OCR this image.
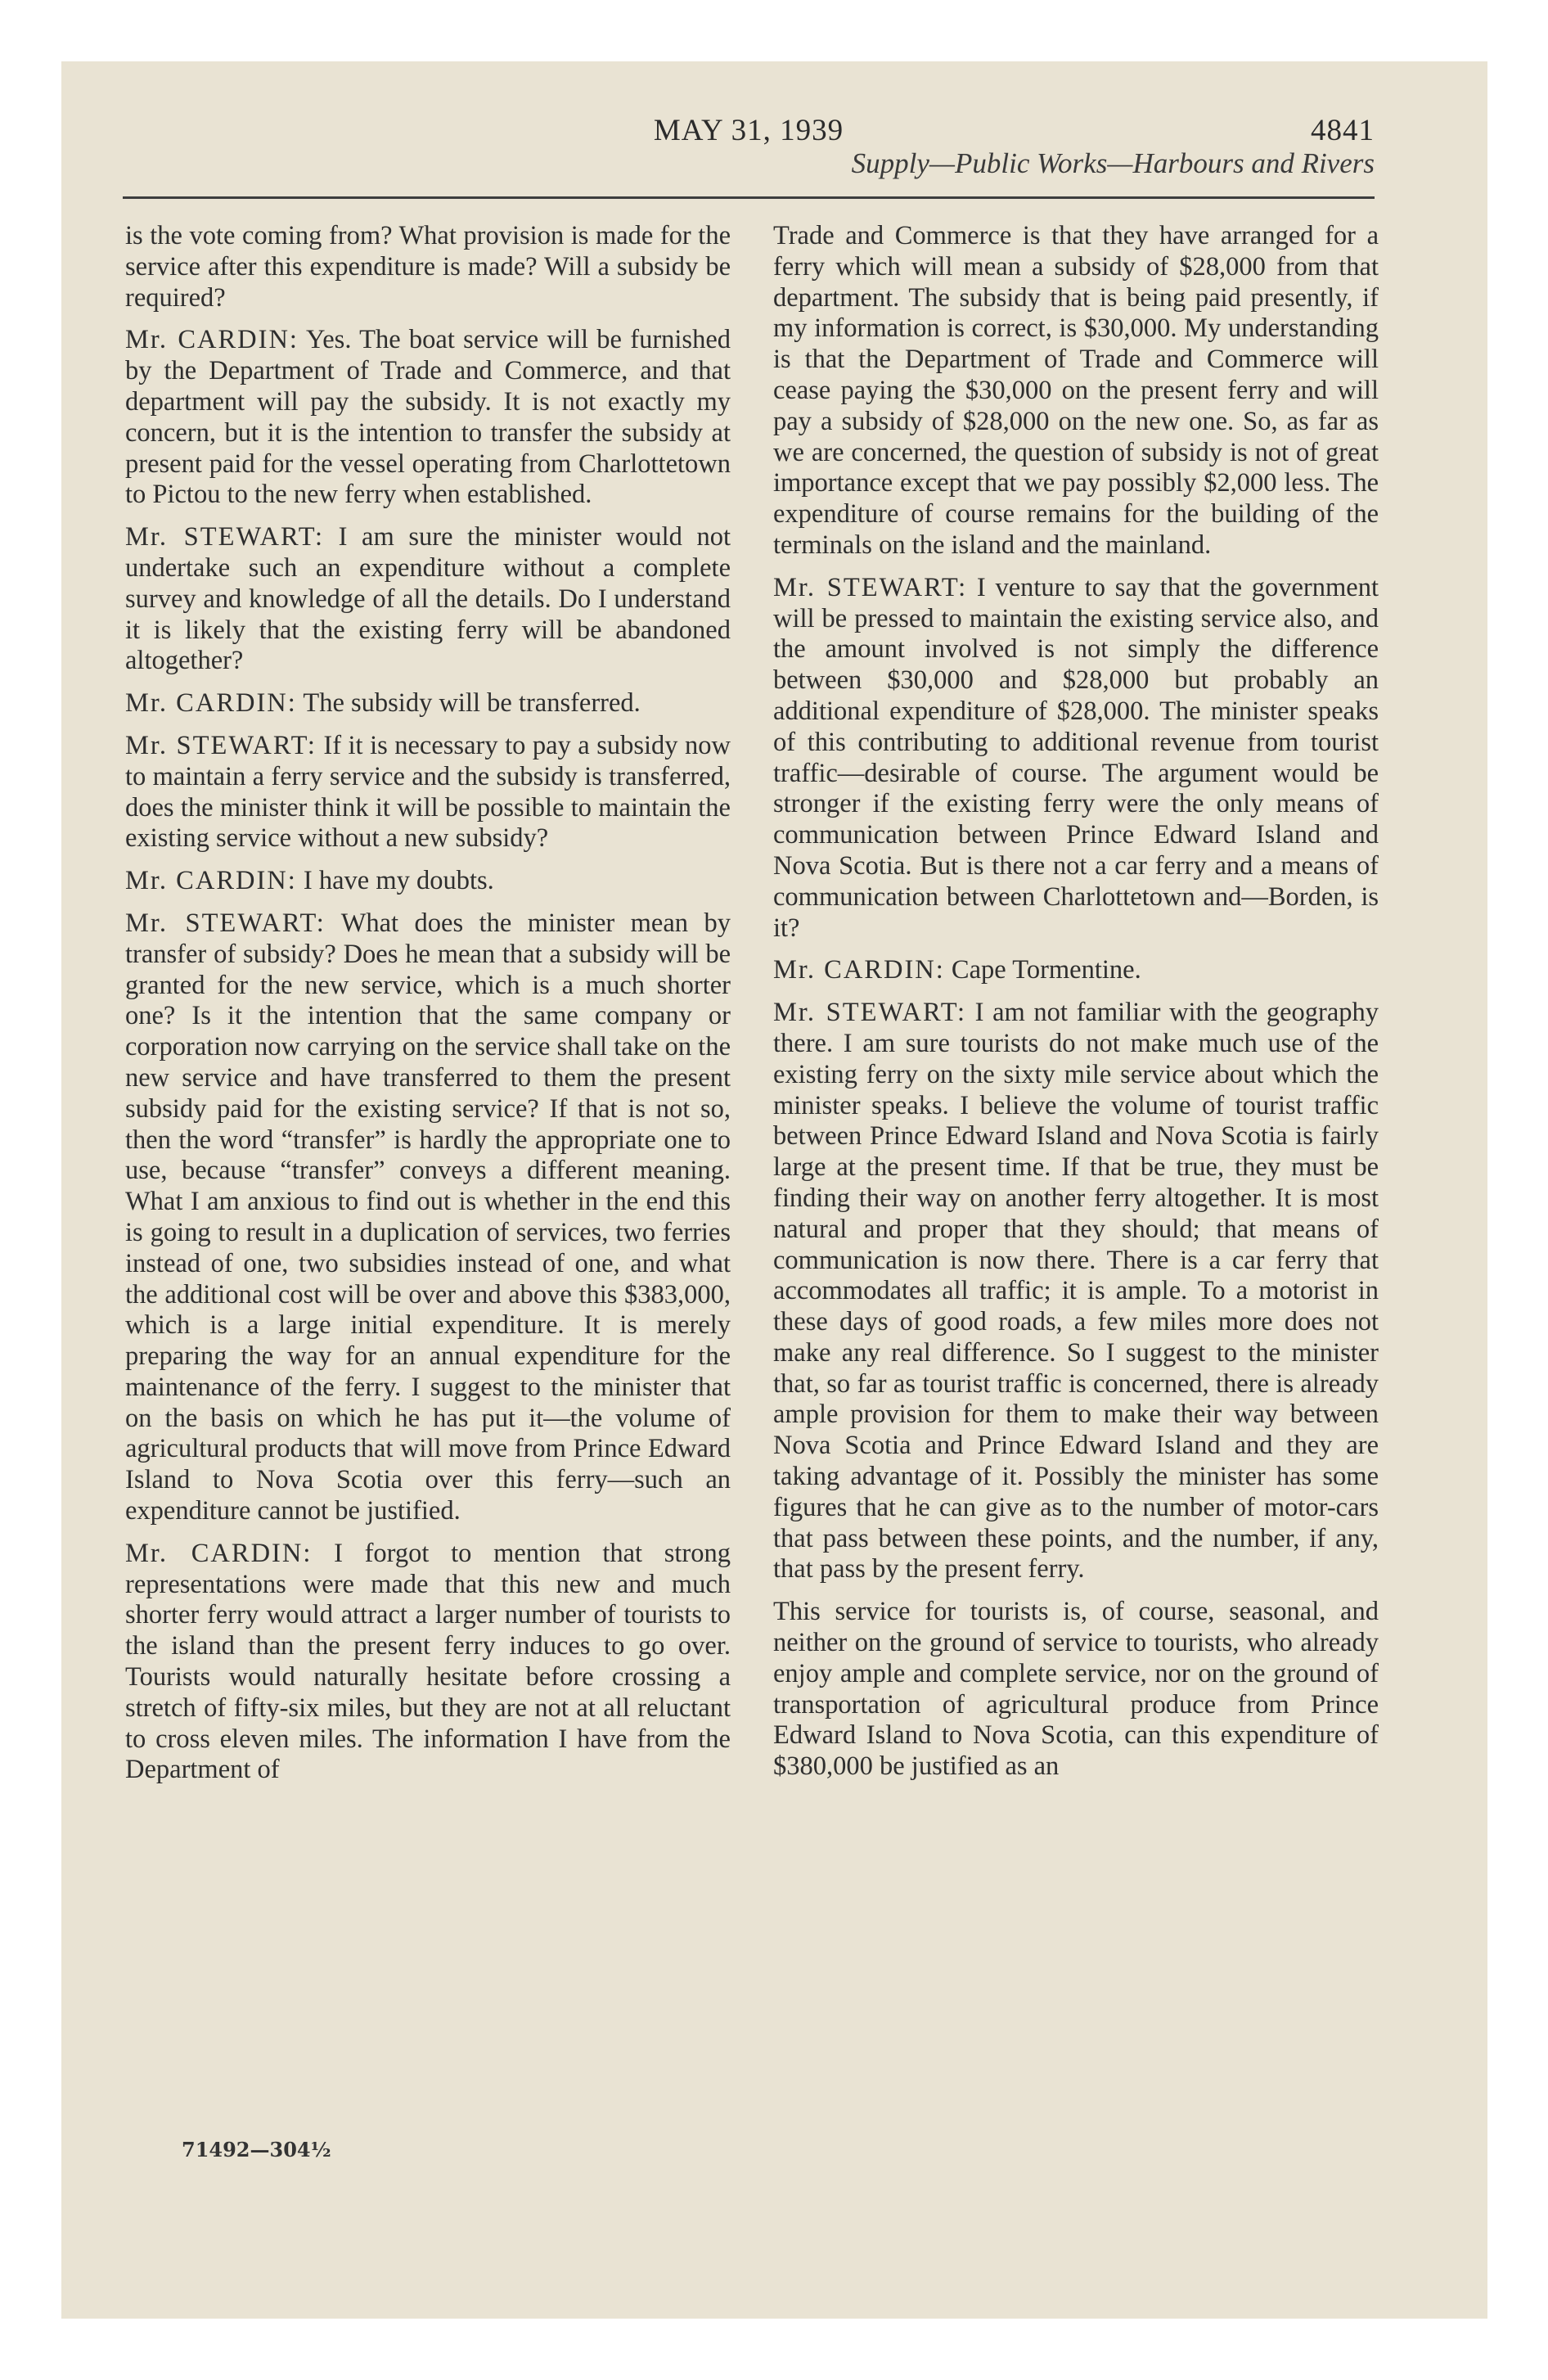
MAY 31, 1939	4841
Supply—Public Works—Harbours and Rivers

is the vote coming from? What provision is made for the service after this expenditure is made? Will a subsidy be required?

Mr. CARDIN: Yes. The boat service will be furnished by the Department of Trade and Commerce, and that department will pay the subsidy. It is not exactly my concern, but it is the intention to transfer the subsidy at present paid for the vessel operating from Charlottetown to Pictou to the new ferry when established.

Mr. STEWART: I am sure the minister would not undertake such an expenditure without a complete survey and knowledge of all the details. Do I understand it is likely that the existing ferry will be abandoned altogether?

Mr. CARDIN: The subsidy will be transferred.

Mr. STEWART: If it is necessary to pay a subsidy now to maintain a ferry service and the subsidy is transferred, does the minister think it will be possible to maintain the existing service without a new subsidy?

Mr. CARDIN: I have my doubts.

Mr. STEWART: What does the minister mean by transfer of subsidy? Does he mean that a subsidy will be granted for the new service, which is a much shorter one? Is it the intention that the same company or corporation now carrying on the service shall take on the new service and have transferred to them the present subsidy paid for the existing service? If that is not so, then the word “transfer” is hardly the appropriate one to use, because “transfer” conveys a different meaning. What I am anxious to find out is whether in the end this is going to result in a duplication of services, two ferries instead of one, two subsidies instead of one, and what the additional cost will be over and above this $383,000, which is a large initial expenditure. It is merely preparing the way for an annual expenditure for the maintenance of the ferry. I suggest to the minister that on the basis on which he has put it—the volume of agricultural products that will move from Prince Edward Island to Nova Scotia over this ferry—such an expenditure cannot be justified.

Mr. CARDIN: I forgot to mention that strong representations were made that this new and much shorter ferry would attract a larger number of tourists to the island than the present ferry induces to go over. Tourists would naturally hesitate before crossing a stretch of fifty-six miles, but they are not at all reluctant to cross eleven miles. The information I have from the Department of

Trade and Commerce is that they have arranged for a ferry which will mean a subsidy of $28,000 from that department. The subsidy that is being paid presently, if my information is correct, is $30,000. My understanding is that the Department of Trade and Commerce will cease paying the $30,000 on the present ferry and will pay a subsidy of $28,000 on the new one. So, as far as we are concerned, the question of subsidy is not of great importance except that we pay possibly $2,000 less. The expenditure of course remains for the building of the terminals on the island and the mainland.

Mr. STEWART: I venture to say that the government will be pressed to maintain the existing service also, and the amount involved is not simply the difference between $30,000 and $28,000 but probably an additional expenditure of $28,000. The minister speaks of this contributing to additional revenue from tourist traffic—desirable of course. The argument would be stronger if the existing ferry were the only means of communication between Prince Edward Island and Nova Scotia. But is there not a car ferry and a means of communication between Charlottetown and—Borden, is it?

Mr. CARDIN: Cape Tormentine.

Mr. STEWART: I am not familiar with the geography there. I am sure tourists do not make much use of the existing ferry on the sixty mile service about which the minister speaks. I believe the volume of tourist traffic between Prince Edward Island and Nova Scotia is fairly large at the present time. If that be true, they must be finding their way on another ferry altogether. It is most natural and proper that they should; that means of communication is now there. There is a car ferry that accommodates all traffic; it is ample. To a motorist in these days of good roads, a few miles more does not make any real difference. So I suggest to the minister that, so far as tourist traffic is concerned, there is already ample provision for them to make their way between Nova Scotia and Prince Edward Island and they are taking advantage of it. Possibly the minister has some figures that he can give as to the number of motor-cars that pass between these points, and the number, if any, that pass by the present ferry.

This service for tourists is, of course, seasonal, and neither on the ground of service to tourists, who already enjoy ample and complete service, nor on the ground of transportation of agricultural produce from Prince Edward Island to Nova Scotia, can this expenditure of $380,000 be justified as an

71492—304½
